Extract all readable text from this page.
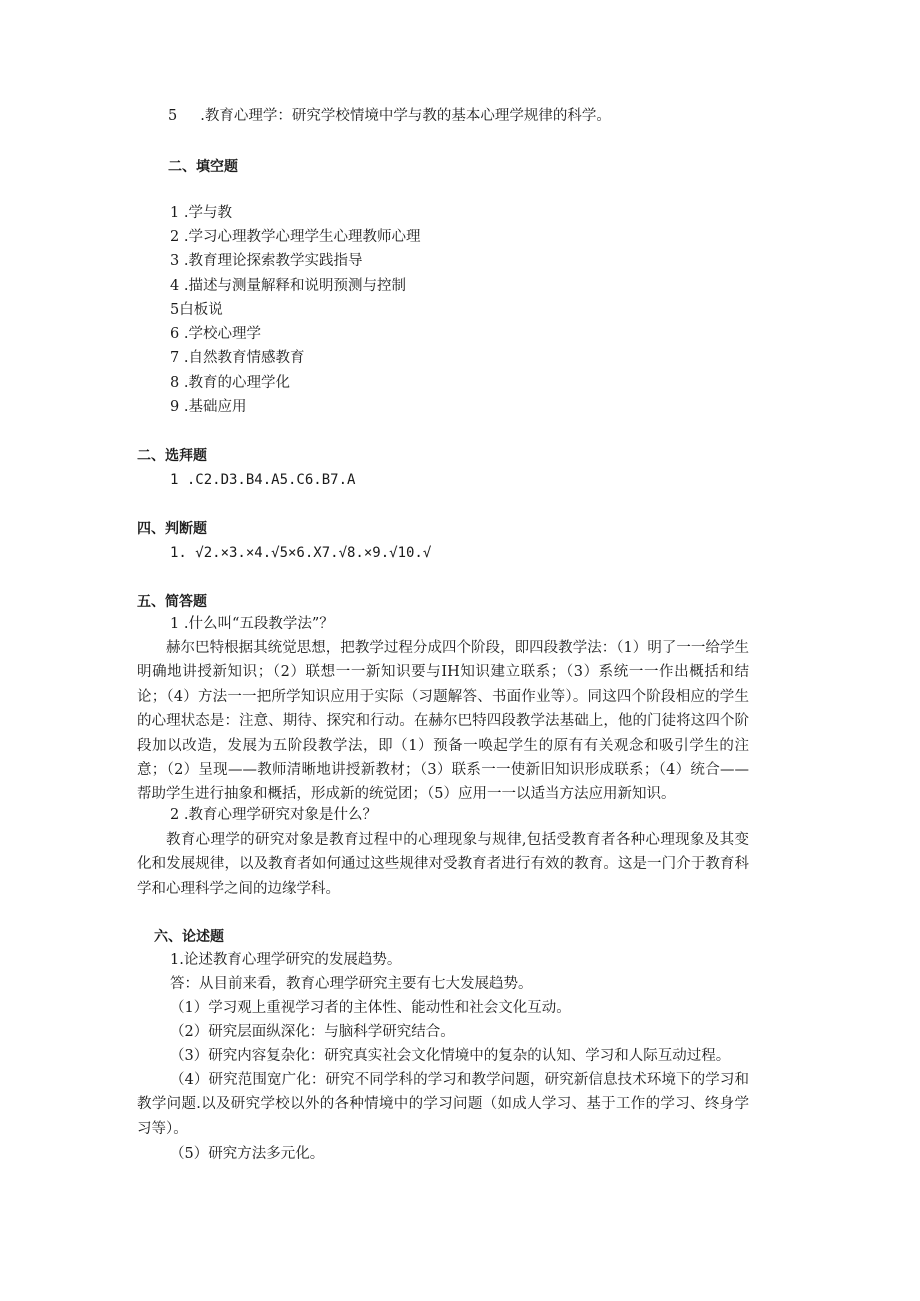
5     .教育心理学：研究学校情境中学与教的基本心理学规律的科学。
二、填空题
1 .学与教
2 .学习心理教学心理学生心理教师心理
3 .教育理论探索教学实践指导
4 .描述与测量解释和说明预测与控制
5白板说
6 .学校心理学
7 .自然教育情感教育
8 .教育的心理学化
9 .基础应用
二、选拜题
1 .C2.D3.B4.A5.C6.B7.A
四、判断题
1. √2.×3.×4.√5×6.X7.√8.×9.√10.√
五、简答题
1 .什么叫“五段教学法”？

赫尔巴特根据其统觉思想，把教学过程分成四个阶段，即四段教学法：（1）明了一一给学生明确地讲授新知识；（2）联想一一新知识要与IH知识建立联系；（3）系统一一作出概括和结论；（4）方法一一把所学知识应用于实际（习题解答、书面作业等）。同这四个阶段相应的学生的心理状态是：注意、期待、探究和行动。在赫尔巴特四段教学法基础上，他的门徒将这四个阶段加以改造，发展为五阶段教学法，即（1）预备一唤起学生的原有有关观念和吸引学生的注意；（2）呈现——教师清晰地讲授新教材；（3）联系一一使新旧知识形成联系；（4）统合——帮助学生进行抽象和概括，形成新的统觉团；（5）应用一一以适当方法应用新知识。

2 .教育心理学研究对象是什么？

教育心理学的研究对象是教育过程中的心理现象与规律,包括受教育者各种心理现象及其变化和发展规律，以及教育者如何通过这些规律对受教育者进行有效的教育。这是一门介于教育科学和心理科学之间的边缘学科。

六、论述题
1.论述教育心理学研究的发展趋势。
答：从目前来看，教育心理学研究主要有七大发展趋势。
（1）学习观上重视学习者的主体性、能动性和社会文化互动。
（2）研究层面纵深化：与脑科学研究结合。
（3）研究内容复杂化：研究真实社会文化情境中的复杂的认知、学习和人际互动过程。

（4）研究范围宽广化：研究不同学科的学习和教学问题，研究新信息技术环境下的学习和教学问题.以及研究学校以外的各种情境中的学习问题（如成人学习、基于工作的学习、终身学习等）。

（5）研究方法多元化。
